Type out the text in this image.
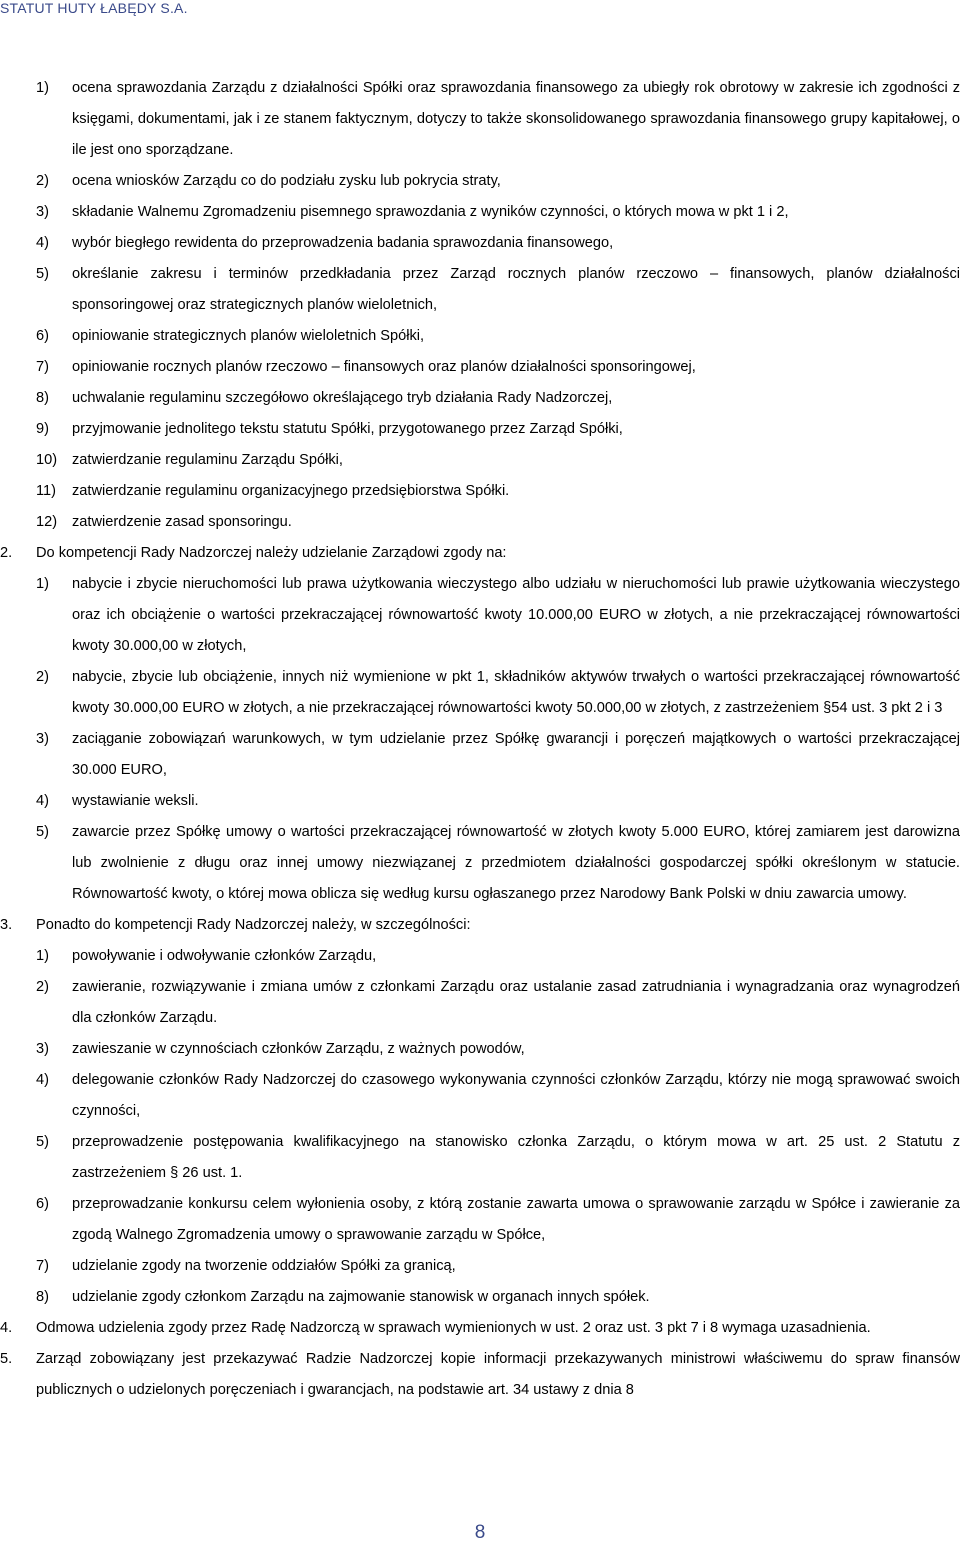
STATUT HUTY ŁABĘDY S.A.
1) ocena sprawozdania Zarządu z działalności Spółki oraz sprawozdania finansowego za ubiegły rok obrotowy w zakresie ich zgodności z księgami, dokumentami, jak i ze stanem faktycznym, dotyczy to także skonsolidowanego sprawozdania finansowego grupy kapitałowej, o ile jest ono sporządzane.
2) ocena wniosków Zarządu co do podziału zysku lub pokrycia straty,
3) składanie Walnemu Zgromadzeniu pisemnego sprawozdania z wyników czynności, o których mowa w pkt 1 i 2,
4) wybór biegłego rewidenta do przeprowadzenia badania sprawozdania finansowego,
5) określanie zakresu i terminów przedkładania przez Zarząd rocznych planów rzeczowo – finansowych, planów działalności sponsoringowej oraz strategicznych planów wieloletnich,
6) opiniowanie strategicznych planów wieloletnich Spółki,
7) opiniowanie rocznych planów rzeczowo – finansowych oraz planów działalności sponsoringowej,
8) uchwalanie regulaminu szczegółowo określającego tryb działania Rady Nadzorczej,
9) przyjmowanie jednolitego tekstu statutu Spółki, przygotowanego przez Zarząd Spółki,
10) zatwierdzanie regulaminu Zarządu Spółki,
11) zatwierdzanie regulaminu organizacyjnego przedsiębiorstwa Spółki.
12) zatwierdzenie zasad sponsoringu.
2. Do kompetencji Rady Nadzorczej należy udzielanie Zarządowi zgody na:
1) nabycie i zbycie nieruchomości lub prawa użytkowania wieczystego albo udziału w nieruchomości lub prawie użytkowania wieczystego oraz ich obciążenie o wartości przekraczającej równowartość kwoty 10.000,00 EURO w złotych, a nie przekraczającej równowartości kwoty 30.000,00 w złotych,
2) nabycie, zbycie lub obciążenie, innych niż wymienione w pkt 1, składników aktywów trwałych o wartości przekraczającej równowartość kwoty 30.000,00 EURO w złotych, a nie przekraczającej równowartości kwoty 50.000,00 w złotych, z zastrzeżeniem §54 ust. 3 pkt 2 i 3
3) zaciąganie zobowiązań warunkowych, w tym udzielanie przez Spółkę gwarancji i poręczeń majątkowych o wartości przekraczającej 30.000 EURO,
4) wystawianie weksli.
5) zawarcie przez Spółkę umowy o wartości przekraczającej równowartość w złotych kwoty 5.000 EURO, której zamiarem jest darowizna lub zwolnienie z długu oraz innej umowy niezwiązanej z przedmiotem działalności gospodarczej spółki określonym w statucie. Równowartość kwoty, o której mowa oblicza się według kursu ogłaszanego przez Narodowy Bank Polski w dniu zawarcia umowy.
3. Ponadto do kompetencji Rady Nadzorczej należy, w szczególności:
1) powoływanie i odwoływanie członków Zarządu,
2) zawieranie, rozwiązywanie i zmiana umów z członkami Zarządu oraz ustalanie zasad zatrudniania i wynagradzania oraz wynagrodzeń dla członków Zarządu.
3) zawieszanie w czynnościach członków Zarządu, z ważnych powodów,
4) delegowanie członków Rady Nadzorczej do czasowego wykonywania czynności członków Zarządu, którzy nie mogą sprawować swoich czynności,
5) przeprowadzenie postępowania kwalifikacyjnego na stanowisko członka Zarządu, o którym mowa w art. 25 ust. 2 Statutu z zastrzeżeniem § 26 ust. 1.
6) przeprowadzanie konkursu celem wyłonienia osoby, z którą zostanie zawarta umowa o sprawowanie zarządu w Spółce i zawieranie za zgodą Walnego Zgromadzenia umowy o sprawowanie zarządu w Spółce,
7) udzielanie zgody na tworzenie oddziałów Spółki za granicą,
8) udzielanie zgody członkom Zarządu na zajmowanie stanowisk w organach innych spółek.
4. Odmowa udzielenia zgody przez Radę Nadzorczą w sprawach wymienionych w ust. 2 oraz ust. 3 pkt 7 i 8 wymaga uzasadnienia.
5. Zarząd zobowiązany jest przekazywać Radzie Nadzorczej kopie informacji przekazywanych ministrowi właściwemu do spraw finansów publicznych o udzielonych poręczeniach i gwarancjach, na podstawie art. 34 ustawy z dnia 8
8
